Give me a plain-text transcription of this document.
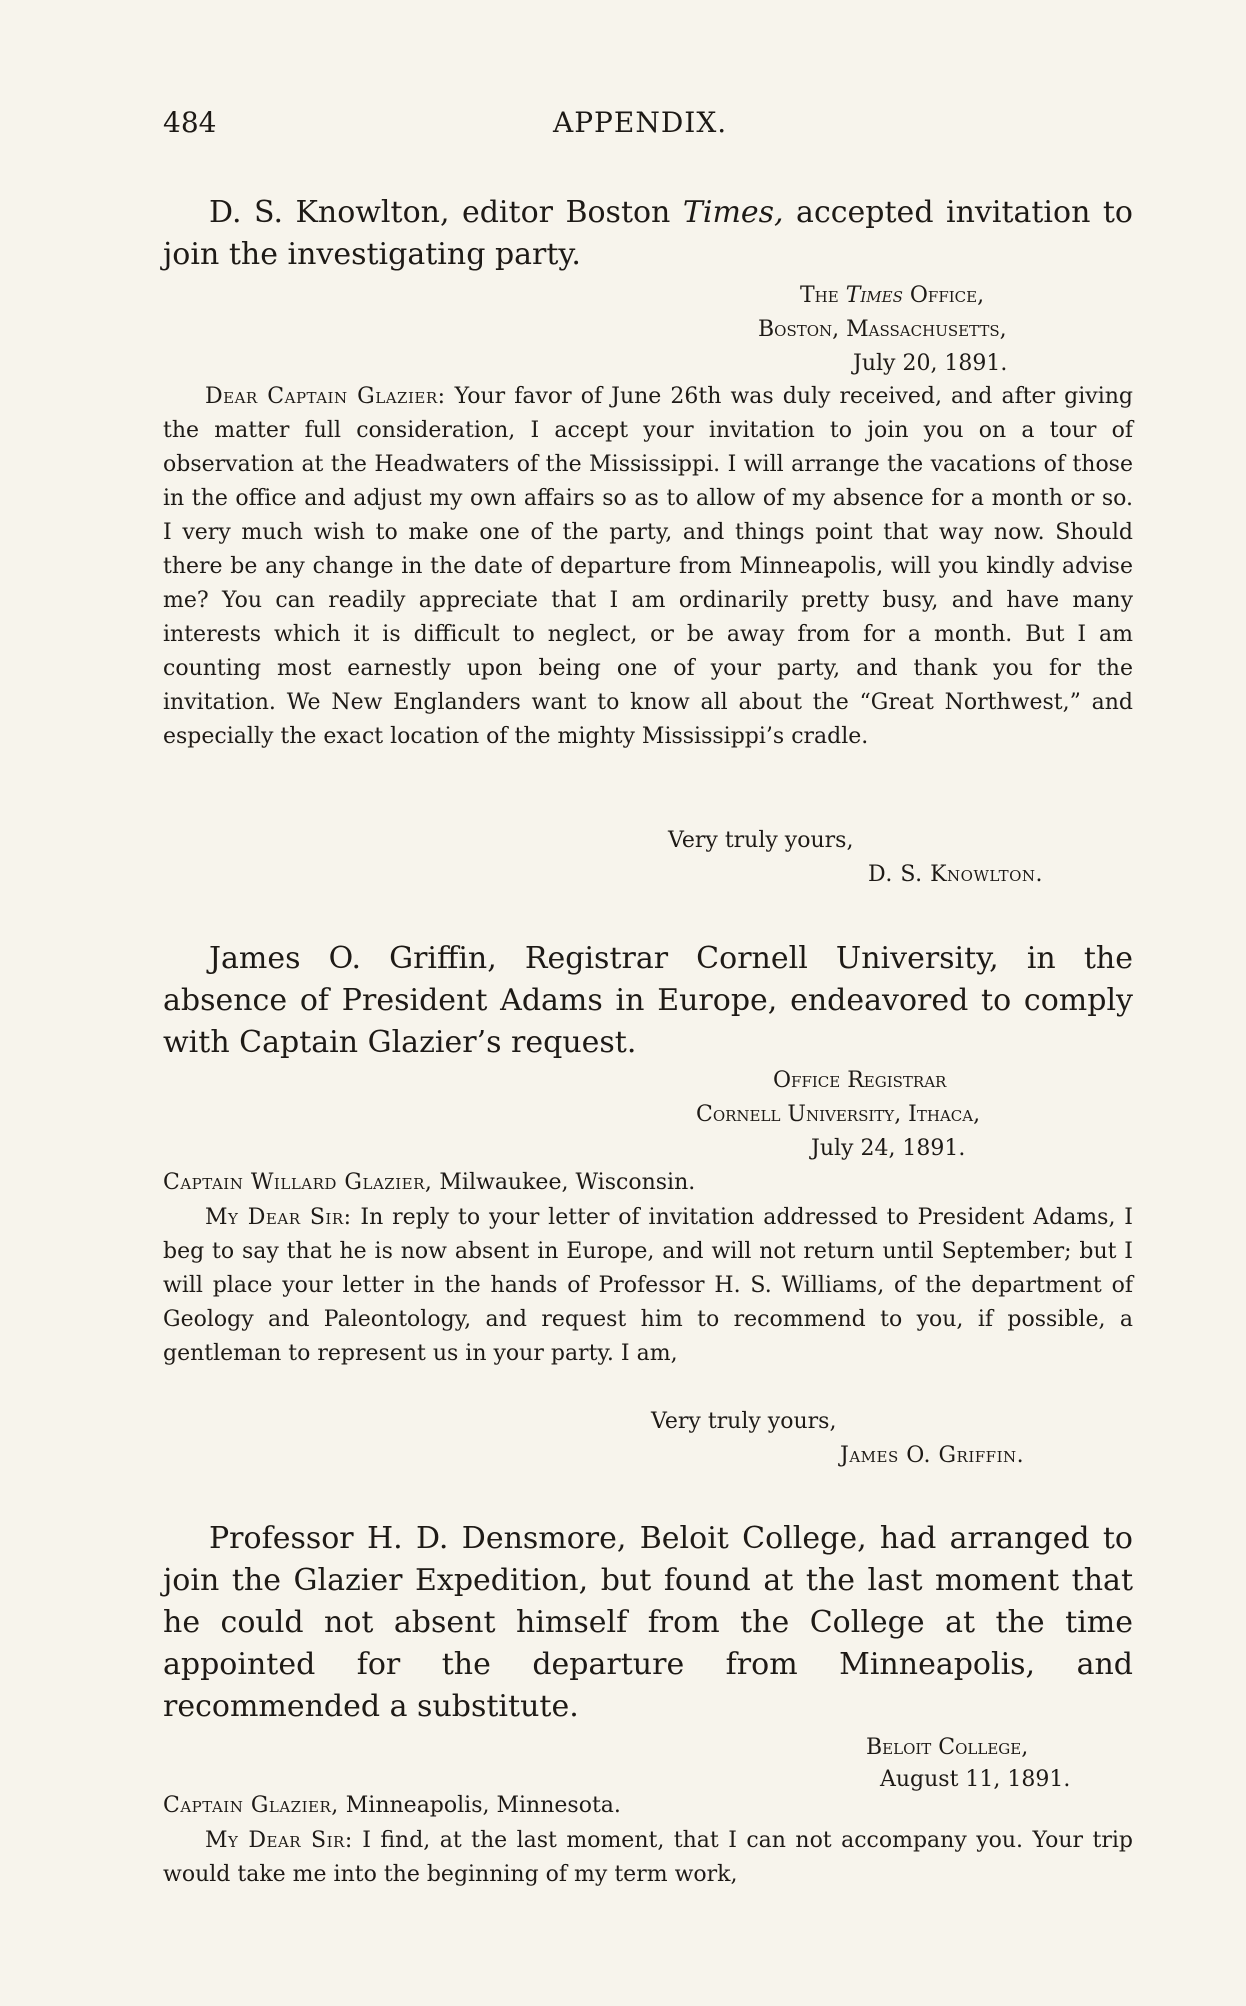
484	APPENDIX.
D. S. Knowlton, editor Boston Times, accepted invitation to join the investigating party.
The Times Office,
Boston, Massachusetts,
July 20, 1891.
Dear Captain Glazier: Your favor of June 26th was duly received, and after giving the matter full consideration, I accept your invitation to join you on a tour of observation at the Headwaters of the Mississippi. I will arrange the vacations of those in the office and adjust my own affairs so as to allow of my absence for a month or so. I very much wish to make one of the party, and things point that way now. Should there be any change in the date of departure from Minneapolis, will you kindly advise me? You can readily appreciate that I am ordinarily pretty busy, and have many interests which it is difficult to neglect, or be away from for a month. But I am counting most earnestly upon being one of your party, and thank you for the invitation. We New Englanders want to know all about the “Great Northwest,” and especially the exact location of the mighty Mississippi’s cradle.
Very truly yours,
D. S. Knowlton.
James O. Griffin, Registrar Cornell University, in the absence of President Adams in Europe, endeavored to comply with Captain Glazier’s request.
Office Registrar
Cornell University, Ithaca,
July 24, 1891.
Captain Willard Glazier, Milwaukee, Wisconsin.
My Dear Sir: In reply to your letter of invitation addressed to President Adams, I beg to say that he is now absent in Europe, and will not return until September; but I will place your letter in the hands of Professor H. S. Williams, of the department of Geology and Paleontology, and request him to recommend to you, if possible, a gentleman to represent us in your party. I am,
Very truly yours,
James O. Griffin.
Professor H. D. Densmore, Beloit College, had arranged to join the Glazier Expedition, but found at the last moment that he could not absent himself from the College at the time appointed for the departure from Minneapolis, and recommended a substitute.
Beloit College,
August 11, 1891.
Captain Glazier, Minneapolis, Minnesota.
My Dear Sir: I find, at the last moment, that I can not accompany you. Your trip would take me into the beginning of my term work,
